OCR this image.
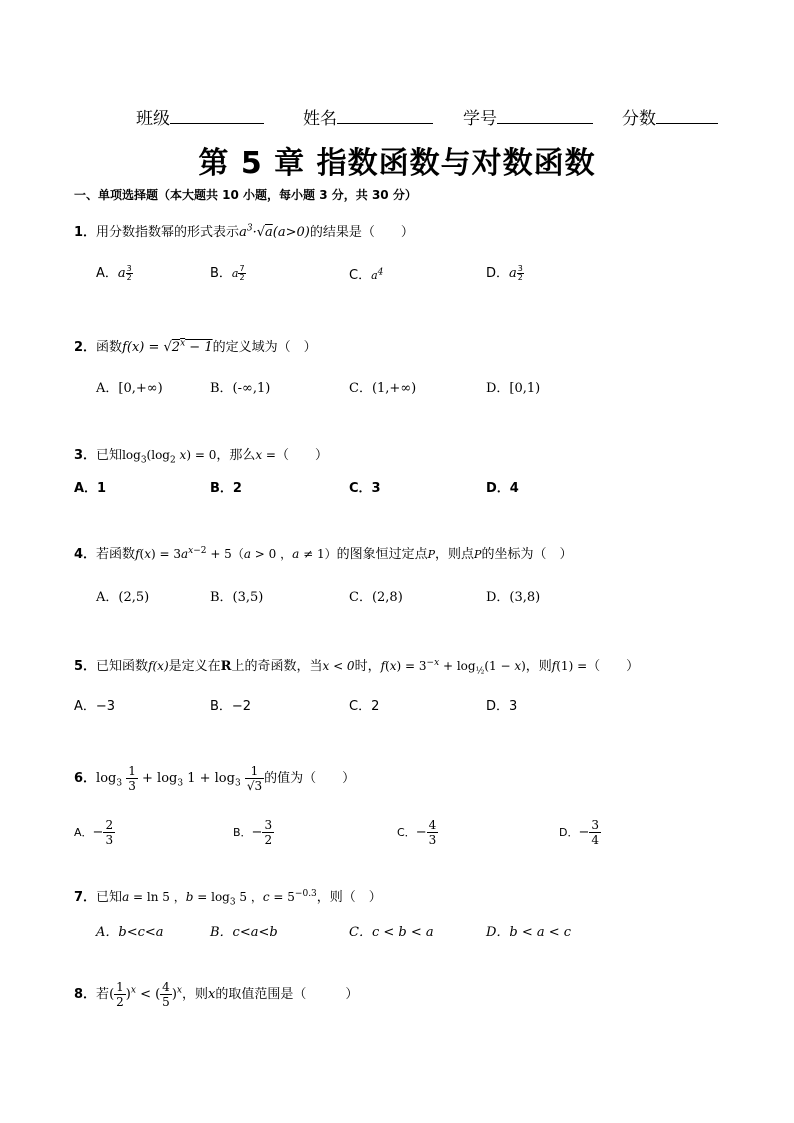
班级	姓名	学号	分数
第 5 章 指数函数与对数函数
一、单项选择题（本大题共 10 小题，每小题 3 分，共 30 分）
1．用分数指数幂的形式表示$a^3\cdot√a(a>0)$的结果是（　　）
A．a $\frac{3}{2}$	B．a $\frac{7}{2}$	C．$a^4$	D．a $\frac{3}{2}$
2．函数$f(x) = √2^x - 1$的定义域为（　）
A．[0,+∞)	B．(-∞,1)	C．(1,+∞)	D．[0,1)
3．已知$\log_3(\log_2$ x) = 0，那么x =（　　）
A．1	B．2	C．3	D．4
4．若函数$f(x) = 3a^{x-2} + 5(a > 0$ ，a ≠ 1）的图象恒过定点P，则点P的坐标为（　）
A．(2,5)	B．(3,5)	C．(2,8)	D．(3,8)
5．已知函数f(x)是定义在R上的奇函数，当x < 0时，$f(x) = 3^{-x} + \log_{\frac{1}{2}}(1 - x)$，则f(1) =（　　）
A．−3	B．−2	C．2	D．3
6．$\log_3 \frac{1}{3} + \log_3 1 + \log_3 \frac{1}{√3}$ 的值为（　　）
A．− $\frac{2}{3}$	B．− $\frac{3}{2}$	C．− $\frac{4}{3}$	D．− $\frac{3}{4}$
7．已知a = ln 5 ，$b = \log_3 5$ ，$c = 5^{-0.3}$，则（　）
A．b<c<a	B．c<a<b	C．c < b < a	D．b < a < c
8．若( $\frac{1}{2} )^x$ < ( $\frac{4}{5} )^x$，则x的取值范围是（　　　）
